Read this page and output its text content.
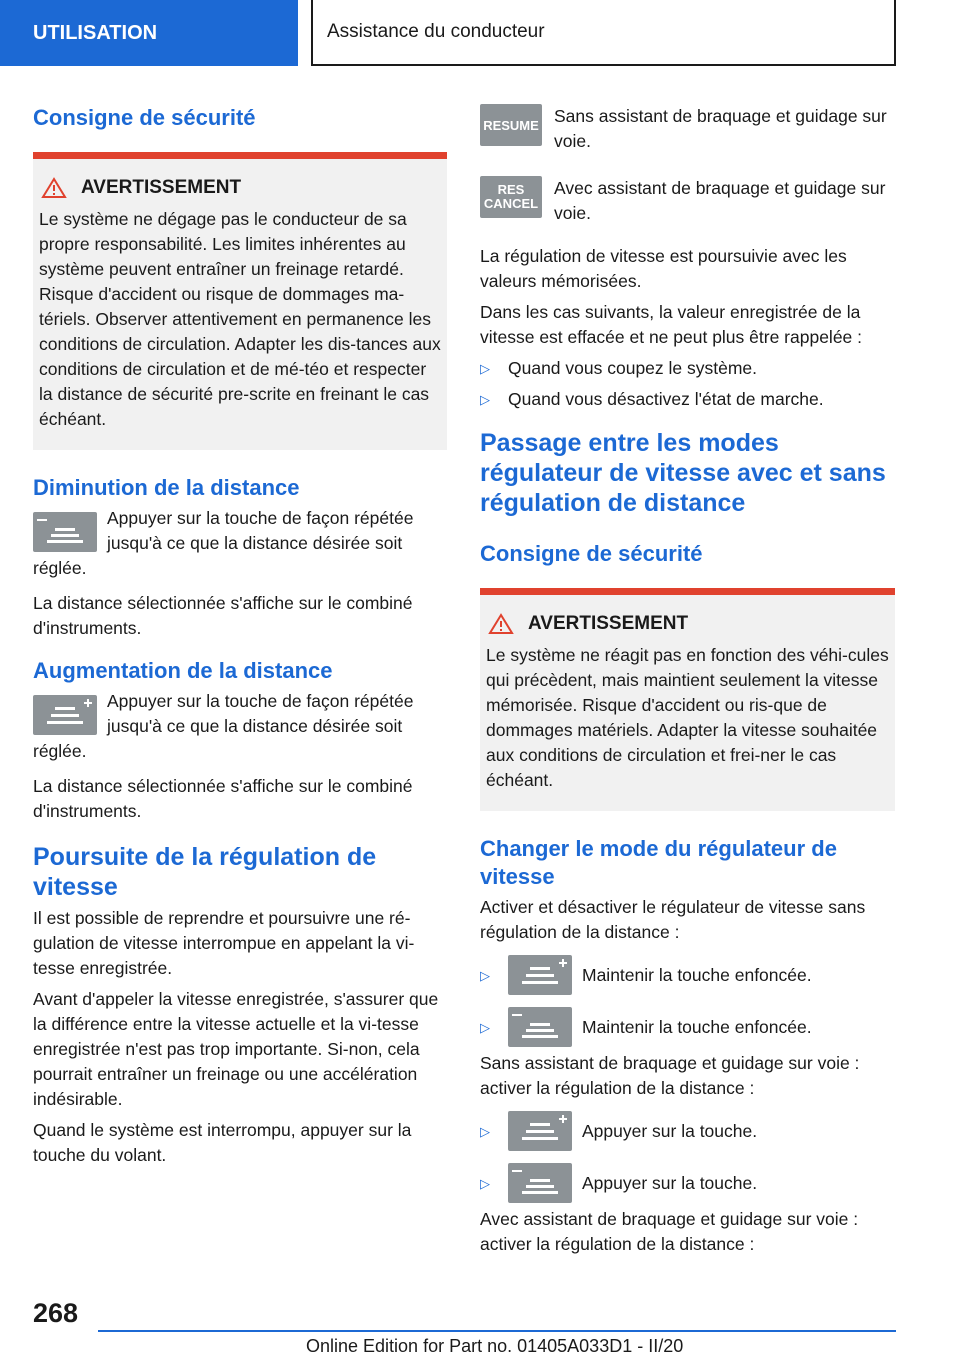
UTILISATION	Assistance du conducteur
Consigne de sécurité
AVERTISSEMENT

Le système ne dégage pas le conducteur de sa propre responsabilité. Les limites inhérentes au système peuvent entraîner un freinage retardé. Risque d'accident ou risque de dommages ma-tériels. Observer attentivement en permanence les conditions de circulation. Adapter les dis-tances aux conditions de circulation et de mé-téo et respecter la distance de sécurité pre-scrite en freinant le cas échéant.

Diminution de la distance

Appuyer sur la touche de façon répétée jusqu'à ce que la distance désirée soit réglée.

La distance sélectionnée s'affiche sur le combiné d'instruments.

Augmentation de la distance

Appuyer sur la touche de façon répétée jusqu'à ce que la distance désirée soit réglée.

La distance sélectionnée s'affiche sur le combiné d'instruments.

Poursuite de la régulation de vitesse

Il est possible de reprendre et poursuivre une ré-gulation de vitesse interrompue en appelant la vi-tesse enregistrée.

Avant d'appeler la vitesse enregistrée, s'assurer que la différence entre la vitesse actuelle et la vi-tesse enregistrée n'est pas trop importante. Si-non, cela pourrait entraîner un freinage ou une accélération indésirable.

Quand le système est interrompu, appuyer sur la touche du volant.

RESUME Sans assistant de braquage et guidage sur voie.

RES
CANCEL

Avec assistant de braquage et guidage sur voie.

La régulation de vitesse est poursuivie avec les valeurs mémorisées.

Dans les cas suivants, la valeur enregistrée de la vitesse est effacée et ne peut plus être rappelée :

▷	Quand vous coupez le système.
▷	Quand vous désactivez l'état de marche.
Passage entre les modes régulateur de vitesse avec et sans régulation de distance
Consigne de sécurité
AVERTISSEMENT

Le système ne réagit pas en fonction des véhi-cules qui précèdent, mais maintient seulement la vitesse mémorisée. Risque d'accident ou ris-que de dommages matériels. Adapter la vitesse souhaitée aux conditions de circulation et frei-ner le cas échéant.

Changer le mode du régulateur de vitesse

Activer et désactiver le régulateur de vitesse sans régulation de la distance :

▷	Maintenir la touche enfoncée.
▷	Maintenir la touche enfoncée.

Sans assistant de braquage et guidage sur voie : activer la régulation de la distance :

▷	Appuyer sur la touche.
▷	Appuyer sur la touche.

Avec assistant de braquage et guidage sur voie : activer la régulation de la distance :

268
Online Edition for Part no. 01405A033D1 - II/20
